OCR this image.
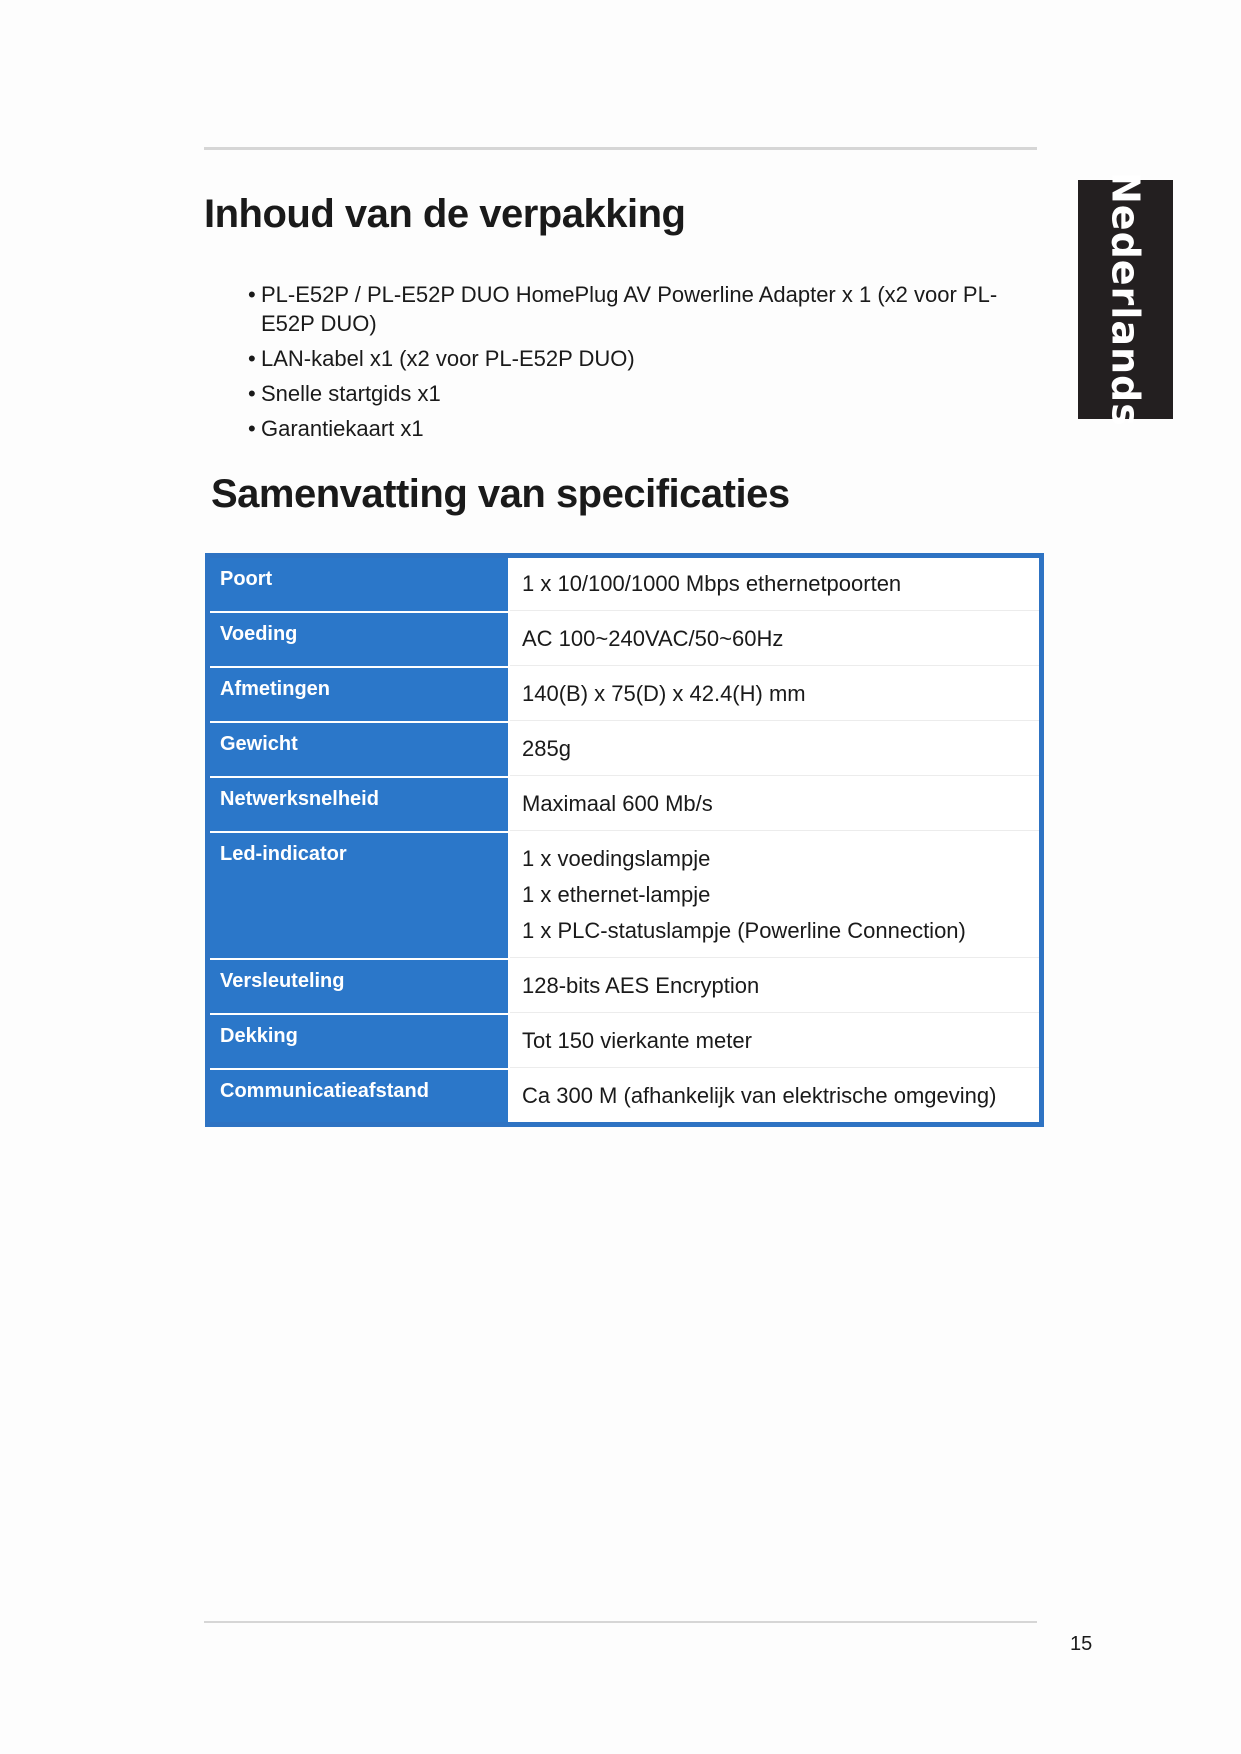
Nederlands
Inhoud van de verpakking
• PL-E52P / PL-E52P DUO HomePlug AV Powerline Adapter x 1 (x2 voor PL-E52P DUO)
• LAN-kabel x1 (x2 voor PL-E52P DUO)
• Snelle startgids x1
• Garantiekaart x1
Samenvatting van specificaties
Poort	1 x 10/100/1000 Mbps ethernetpoorten
Voeding	AC 100~240VAC/50~60Hz
Afmetingen	140(B) x 75(D) x 42.4(H) mm
Gewicht	285g
Netwerksnelheid	Maximaal 600 Mb/s
Led-indicator	1 x voedingslampje
1 x ethernet-lampje
1 x PLC-statuslampje (Powerline Connection)
Versleuteling	128-bits AES Encryption
Dekking	Tot 150 vierkante meter
Communicatieafstand	Ca 300 M (afhankelijk van elektrische omgeving)
15
